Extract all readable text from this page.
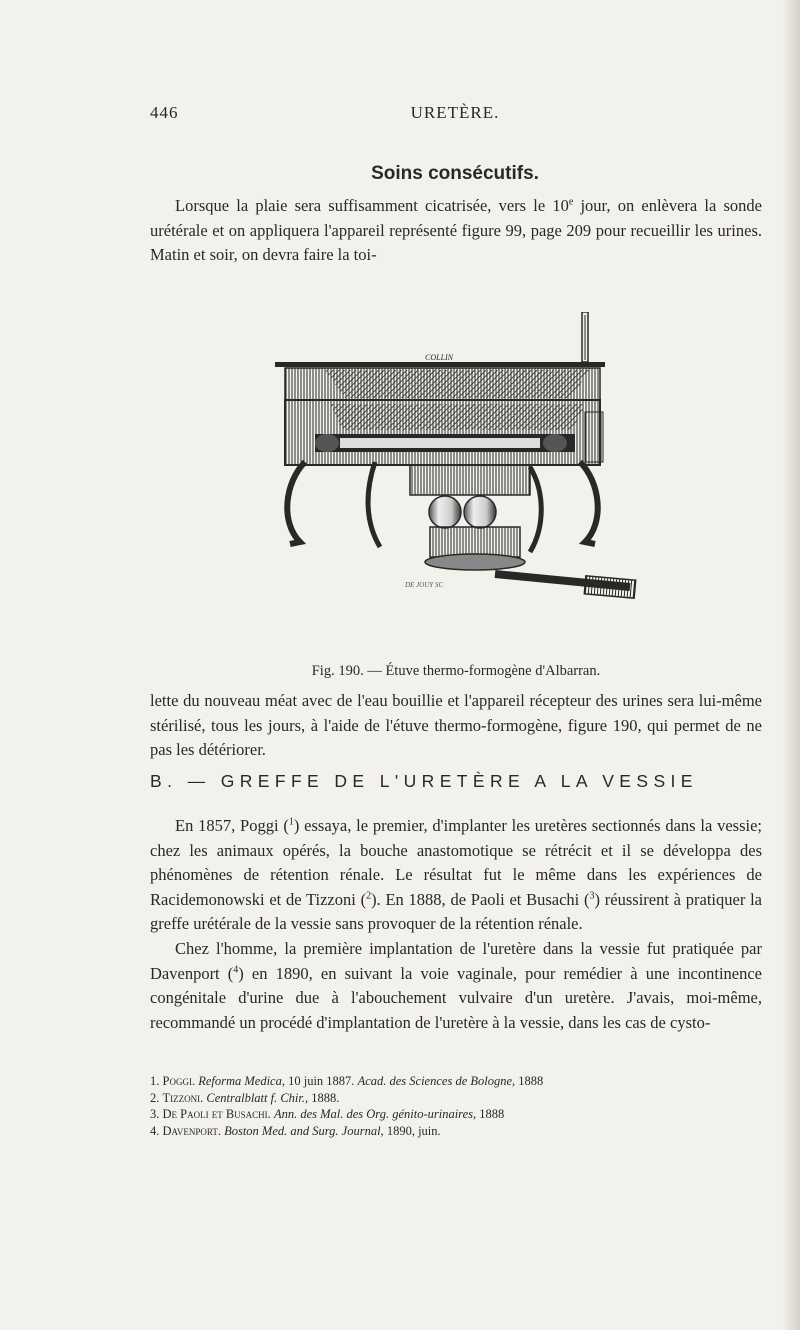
446	URETÈRE.
Soins consécutifs.

Lorsque la plaie sera suffisamment cicatrisée, vers le 10e jour, on enlèvera la sonde urétérale et on appliquera l'appareil représenté figure 99, page 209 pour recueillir les urines. Matin et soir, on devra faire la toi-

COLLIN
DE JOUY SC
Fig. 190. — Étuve thermo-formogène d'Albarran.

lette du nouveau méat avec de l'eau bouillie et l'appareil récepteur des urines sera lui-même stérilisé, tous les jours, à l'aide de l'étuve thermo-formogène, figure 190, qui permet de ne pas les détériorer.

B. — GREFFE DE L'URETÈRE A LA VESSIE

En 1857, Poggi ($^1$) essaya, le premier, d'implanter les uretères sectionnés dans la vessie; chez les animaux opérés, la bouche anastomotique se rétrécit et il se développa des phénomènes de rétention rénale. Le résultat fut le même dans les expériences de Racidemonowski et de Tizzoni ($^2$). En 1888, de Paoli et Busachi ($^3$) réussirent à pratiquer la greffe urétérale de la vessie sans provoquer de la rétention rénale.

Chez l'homme, la première implantation de l'uretère dans la vessie fut pratiquée par Davenport ($^4$) en 1890, en suivant la voie vaginale, pour remédier à une incontinence congénitale d'urine due à l'abouchement vulvaire d'un uretère. J'avais, moi-même, recommandé un procédé d'implantation de l'uretère à la vessie, dans les cas de cysto-

1. Poggi. Reforma Medica, 10 juin 1887. Acad. des Sciences de Bologne, 1888
2. Tizzoni. Centralblatt f. Chir., 1888.
3. De Paoli et Busachi. Ann. des Mal. des Org. génito-urinaires, 1888
4. Davenport. Boston Med. and Surg. Journal, 1890, juin.
